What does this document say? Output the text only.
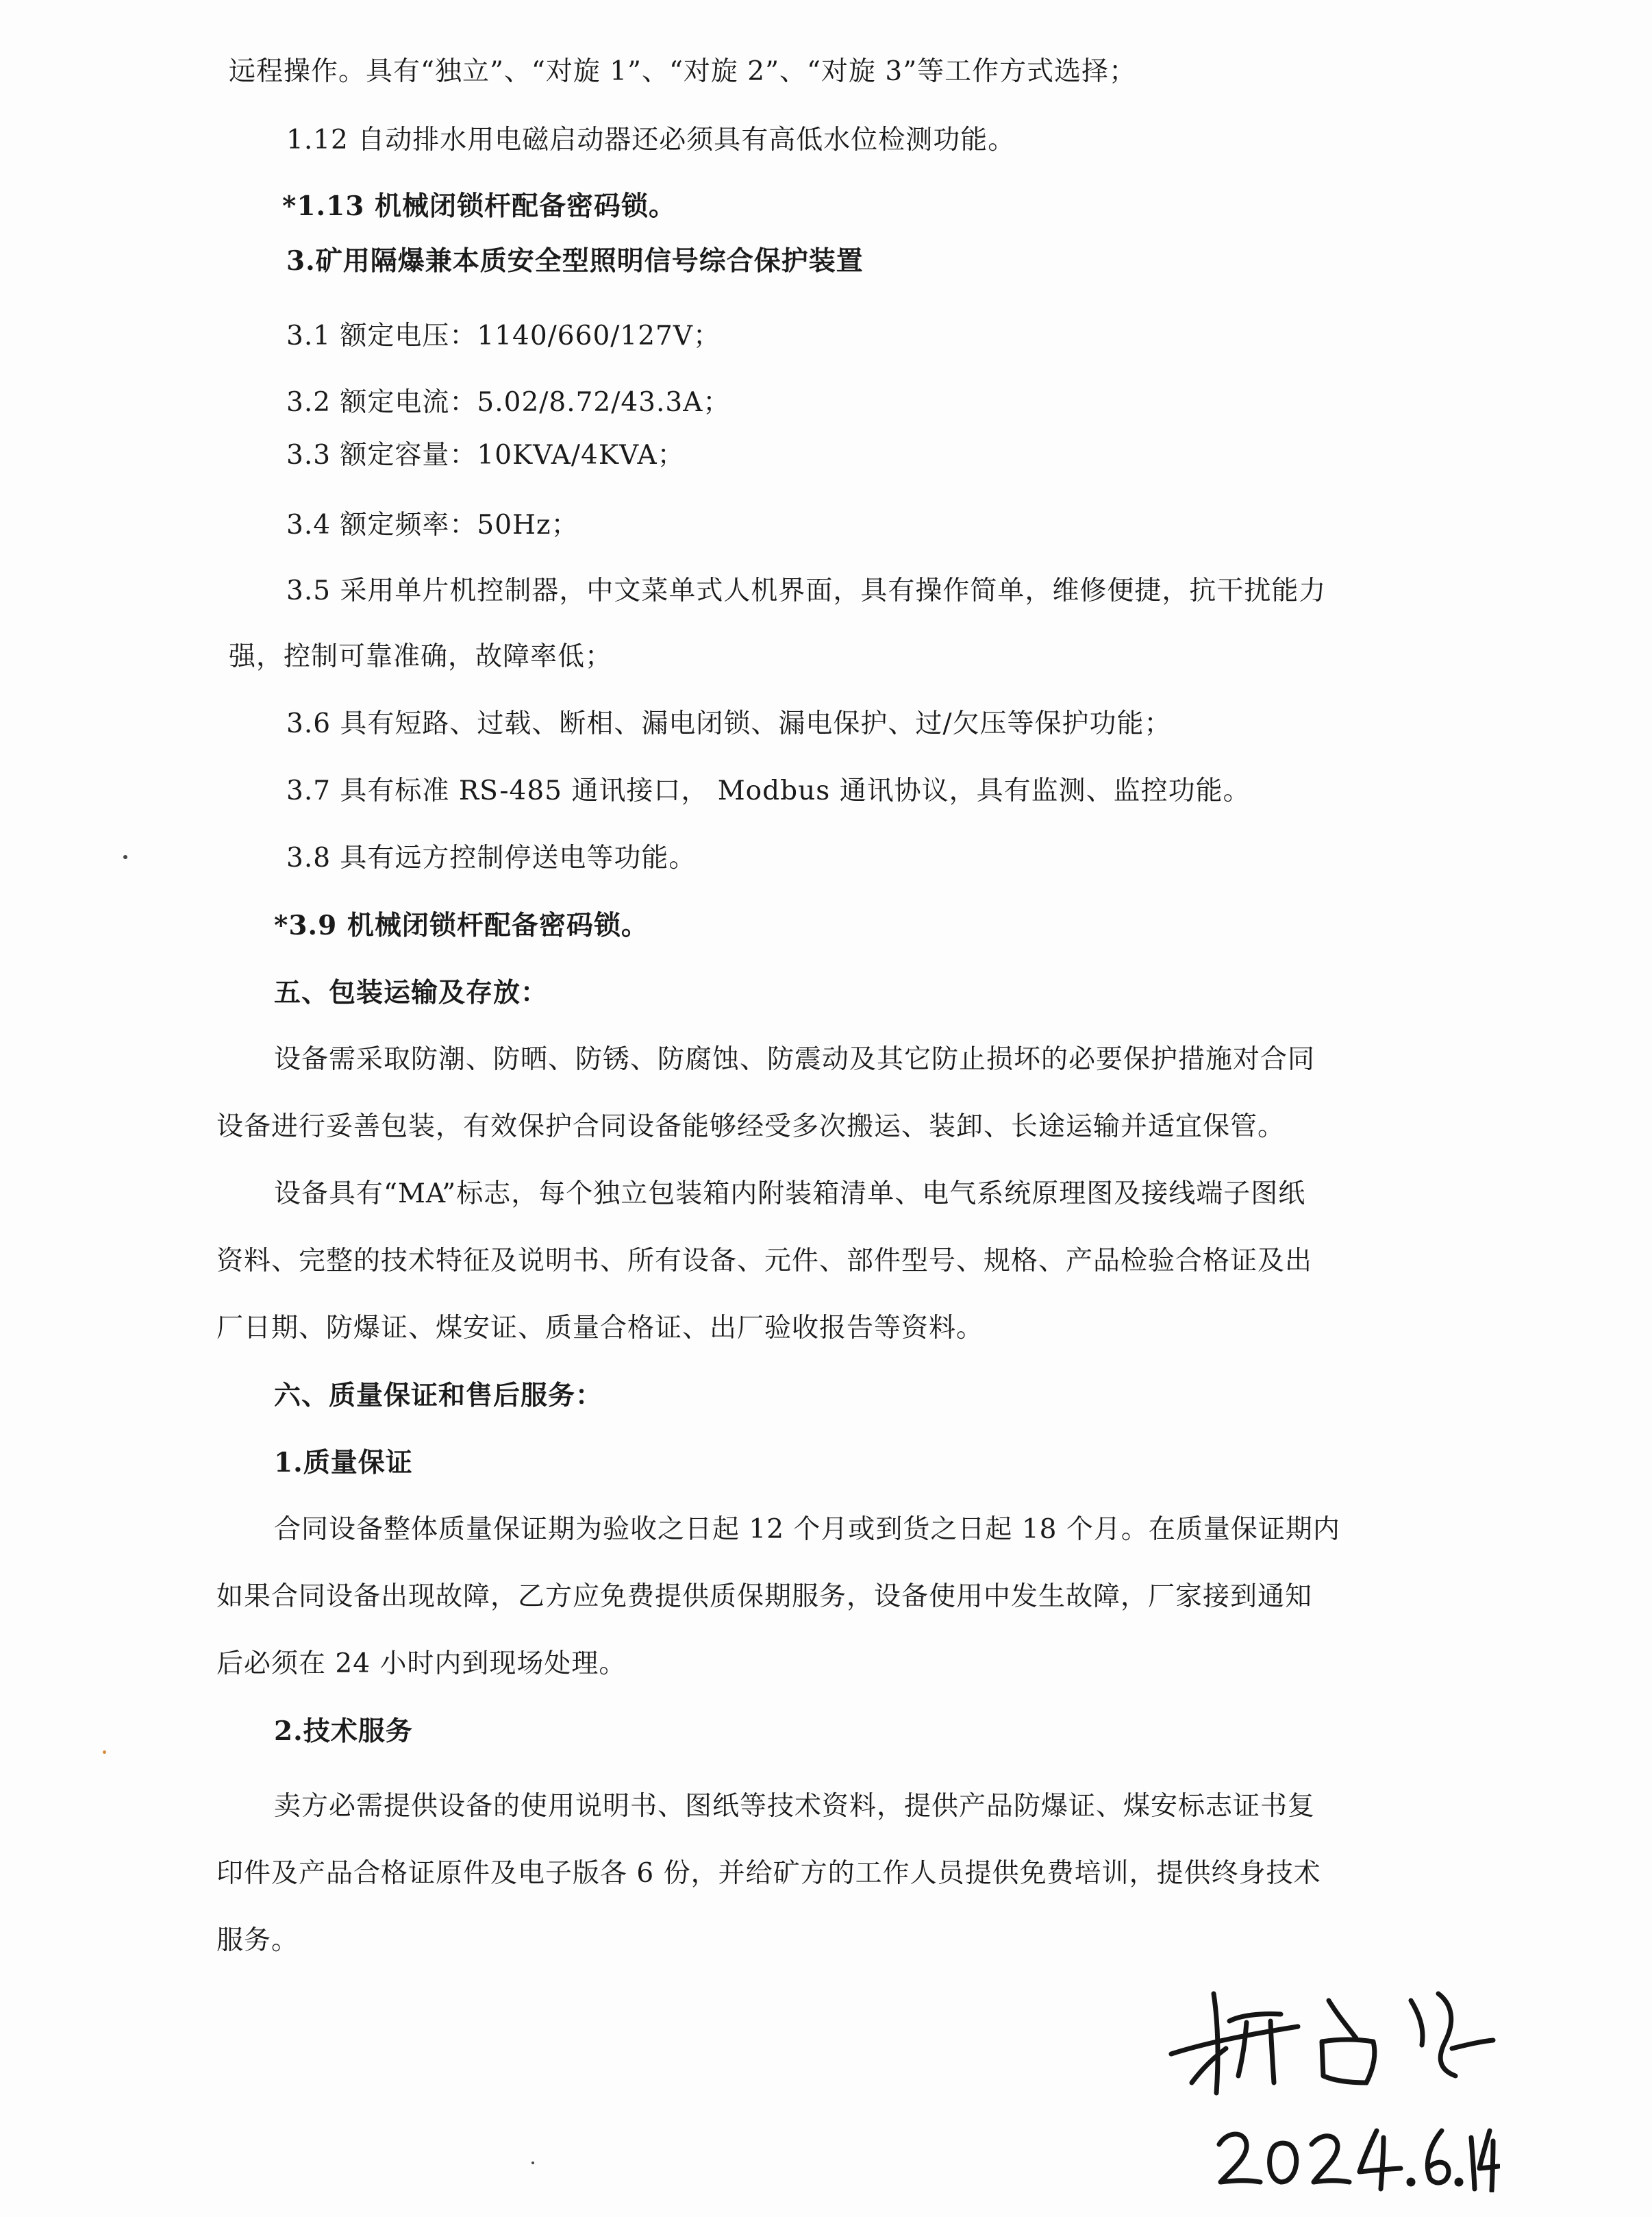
远程操作。具有“独立”、“对旋 1”、“对旋 2”、“对旋 3”等工作方式选择；
1.12 自动排水用电磁启动器还必须具有高低水位检测功能。
*1.13 机械闭锁杆配备密码锁。
3.矿用隔爆兼本质安全型照明信号综合保护装置
3.1 额定电压：1140/660/127V；
3.2 额定电流：5.02/8.72/43.3A；
3.3 额定容量：10KVA/4KVA；
3.4 额定频率：50Hz；
3.5 采用单片机控制器，中文菜单式人机界面，具有操作简单，维修便捷，抗干扰能力
强，控制可靠准确，故障率低；
3.6 具有短路、过载、断相、漏电闭锁、漏电保护、过/欠压等保护功能；
3.7 具有标准 RS-485 通讯接口， Modbus 通讯协议，具有监测、监控功能。
3.8 具有远方控制停送电等功能。
*3.9 机械闭锁杆配备密码锁。
五、包装运输及存放：
设备需采取防潮、防晒、防锈、防腐蚀、防震动及其它防止损坏的必要保护措施对合同
设备进行妥善包装，有效保护合同设备能够经受多次搬运、装卸、长途运输并适宜保管。
设备具有“MA”标志，每个独立包装箱内附装箱清单、电气系统原理图及接线端子图纸
资料、完整的技术特征及说明书、所有设备、元件、部件型号、规格、产品检验合格证及出
厂日期、防爆证、煤安证、质量合格证、出厂验收报告等资料。
六、质量保证和售后服务：
1.质量保证
合同设备整体质量保证期为验收之日起 12 个月或到货之日起 18 个月。在质量保证期内
如果合同设备出现故障，乙方应免费提供质保期服务，设备使用中发生故障，厂家接到通知
后必须在 24 小时内到现场处理。
2.技术服务
卖方必需提供设备的使用说明书、图纸等技术资料，提供产品防爆证、煤安标志证书复
印件及产品合格证原件及电子版各 6 份，并给矿方的工作人员提供免费培训，提供终身技术
服务。
